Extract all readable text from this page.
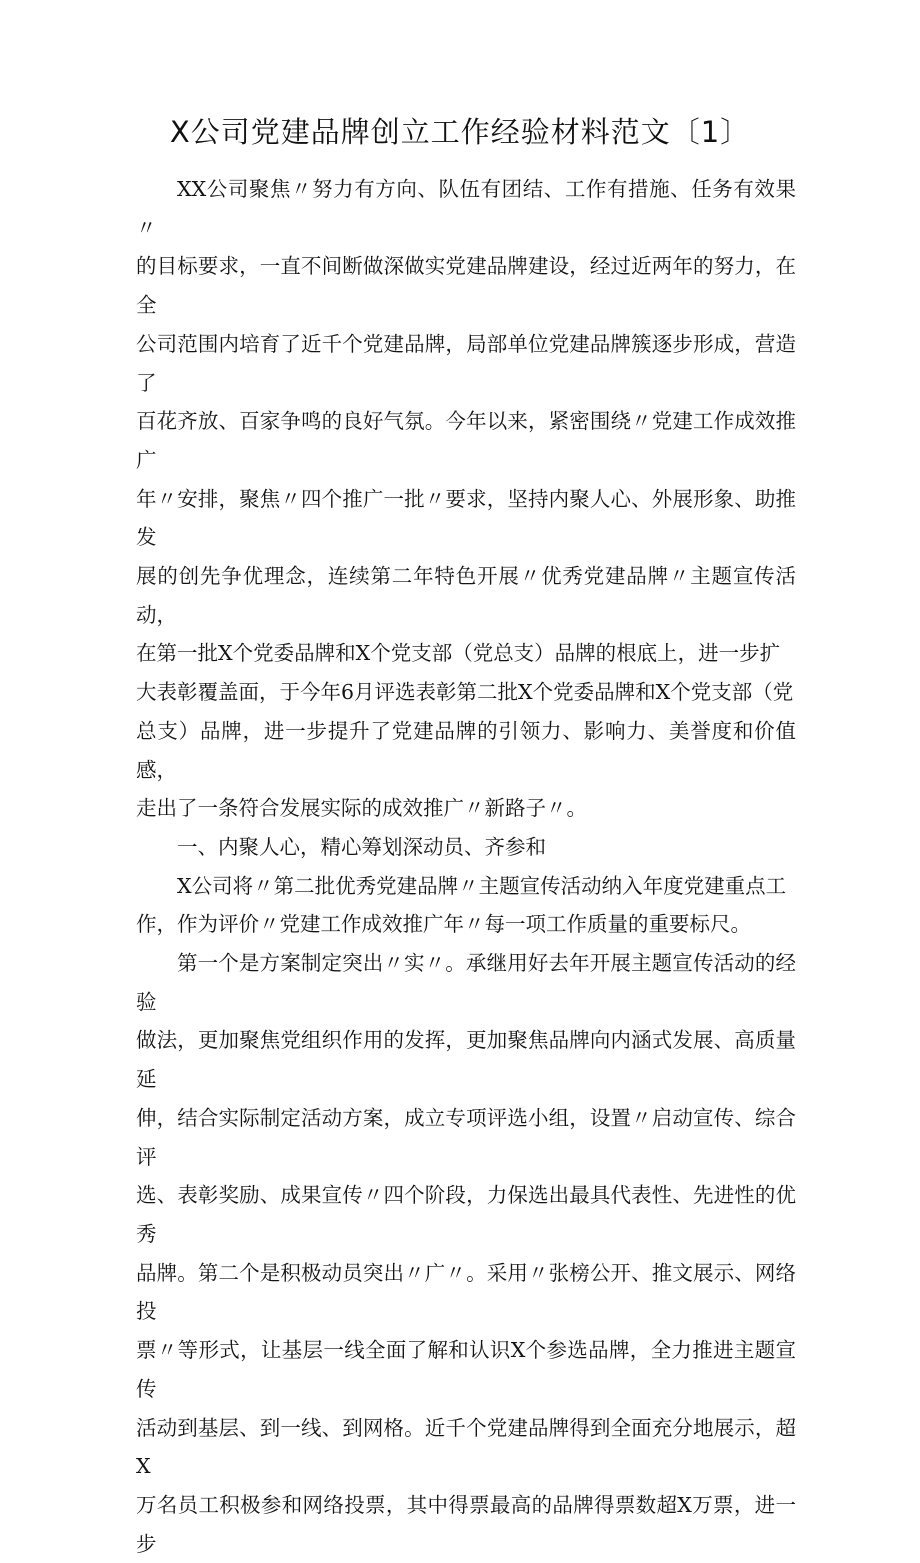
X公司党建品牌创立工作经验材料范文〔1〕

XX公司聚焦〃努力有方向、队伍有团结、工作有措施、任务有效果〃
的目标要求，一直不间断做深做实党建品牌建设，经过近两年的努力，在全
公司范围内培育了近千个党建品牌，局部单位党建品牌簇逐步形成，营造了
百花齐放、百家争鸣的良好气氛。今年以来，紧密围绕〃党建工作成效推广
年〃安排，聚焦〃四个推广一批〃要求，坚持内聚人心、外展形象、助推发
展的创先争优理念，连续第二年特色开展〃优秀党建品牌〃主题宣传活动，
在第一批X个党委品牌和X个党支部（党总支）品牌的根底上，进一步扩
大表彰覆盖面，于今年6月评选表彰第二批X个党委品牌和X个党支部（党
总支）品牌，进一步提升了党建品牌的引领力、影响力、美誉度和价值感，
走出了一条符合发展实际的成效推广〃新路子〃。

一、内聚人心，精心筹划深动员、齐参和

X公司将〃第二批优秀党建品牌〃主题宣传活动纳入年度党建重点工
作，作为评价〃党建工作成效推广年〃每一项工作质量的重要标尺。

第一个是方案制定突出〃实〃。承继用好去年开展主题宣传活动的经验
做法，更加聚焦党组织作用的发挥，更加聚焦品牌向内涵式发展、高质量延
伸，结合实际制定活动方案，成立专项评选小组，设置〃启动宣传、综合评
选、表彰奖励、成果宣传〃四个阶段，力保选出最具代表性、先进性的优秀
品牌。第二个是积极动员突出〃广〃。采用〃张榜公开、推文展示、网络投
票〃等形式，让基层一线全面了解和认识X个参选品牌，全力推进主题宣传
活动到基层、到一线、到网格。近千个党建品牌得到全面充分地展示，超X
万名员工积极参和网络投票，其中得票最高的品牌得票数超X万票，进一步
